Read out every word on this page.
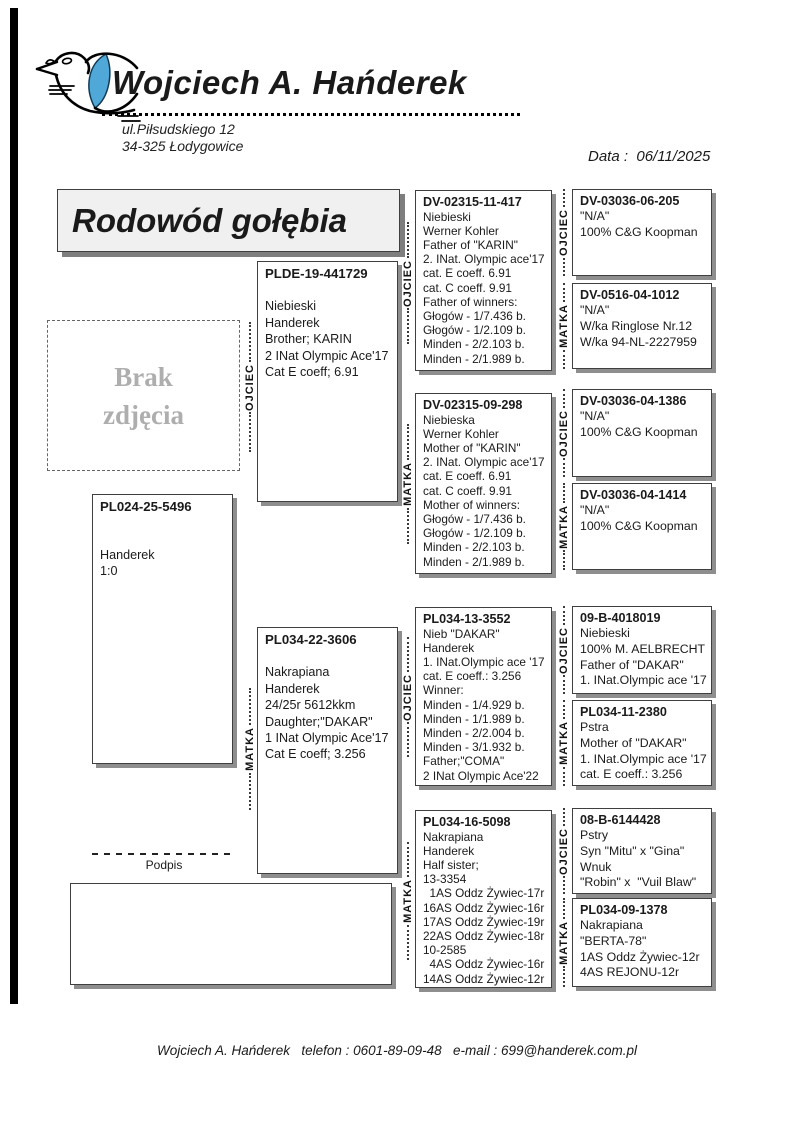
Wojciech A. Hańderek
ul.Piłsudskiego 12
34-325 Łodygowice
Data : 06/11/2025
Rodowód gołębia
Brak
zdjęcia
PL024-25-5496

Handerek
1:0
PLDE-19-441729

Niebieski
Handerek
Brother; KARIN
2 INat Olympic Ace'17
Cat E coeff; 6.91
PL034-22-3606

Nakrapiana
Handerek
24/25r 5612kkm
Daughter;"DAKAR"
1 INat Olympic Ace'17
Cat E coeff; 3.256
DV-02315-11-417
Niebieski
Werner Kohler
Father of "KARIN"
2. INat. Olympic ace'17
cat. E coeff. 6.91
cat. C coeff. 9.91
Father of winners:
Głogów - 1/7.436 b.
Głogów - 1/2.109 b.
Minden - 2/2.103 b.
Minden - 2/1.989 b.
DV-02315-09-298
Niebieska
Werner Kohler
Mother of "KARIN"
2. INat. Olympic ace'17
cat. E coeff. 6.91
cat. C coeff. 9.91
Mother of winners:
Głogów - 1/7.436 b.
Głogów - 1/2.109 b.
Minden - 2/2.103 b.
Minden - 2/1.989 b.
PL034-13-3552
Nieb "DAKAR"
Handerek
1. INat.Olympic ace '17
cat. E coeff.: 3.256
Winner:
Minden - 1/4.929 b.
Minden - 1/1.989 b.
Minden - 2/2.004 b.
Minden - 3/1.932 b.
Father;"COMA"
2 INat Olympic Ace'22
PL034-16-5098
Nakrapiana
Handerek
Half sister;
13-3354
1AS Oddz Żywiec-17r
16AS Oddz Żywiec-16r
17AS Oddz Żywiec-19r
22AS Oddz Żywiec-18r
10-2585
4AS Oddz Żywiec-16r
14AS Oddz Żywiec-12r
DV-03036-06-205
"N/A"
100% C&G Koopman
DV-0516-04-1012
"N/A"
W/ka Ringlose Nr.12
W/ka 94-NL-2227959
DV-03036-04-1386
"N/A"
100% C&G Koopman
DV-03036-04-1414
"N/A"
100% C&G Koopman
09-B-4018019
Niebieski
100% M. AELBRECHT
Father of "DAKAR"
1. INat.Olympic ace '17
PL034-11-2380
Pstra
Mother of "DAKAR"
1. INat.Olympic ace '17
cat. E coeff.: 3.256
08-B-6144428
Pstry
Syn "Mitu" x "Gina"
Wnuk
"Robin" x  "Vuil Blaw"
PL034-09-1378
Nakrapiana
"BERTA-78"
1AS Oddz Żywiec-12r
4AS REJONU-12r
OJCIEC
MATKA
OJCIEC
MATKA
OJCIEC
MATKA
OJCIEC
MATKA
OJCIEC
MATKA
OJCIEC
MATKA
OJCIEC
MATKA
Podpis
Wojciech A. Hańderek telefon : 0601-89-09-48 e-mail : 699@handerek.com.pl
